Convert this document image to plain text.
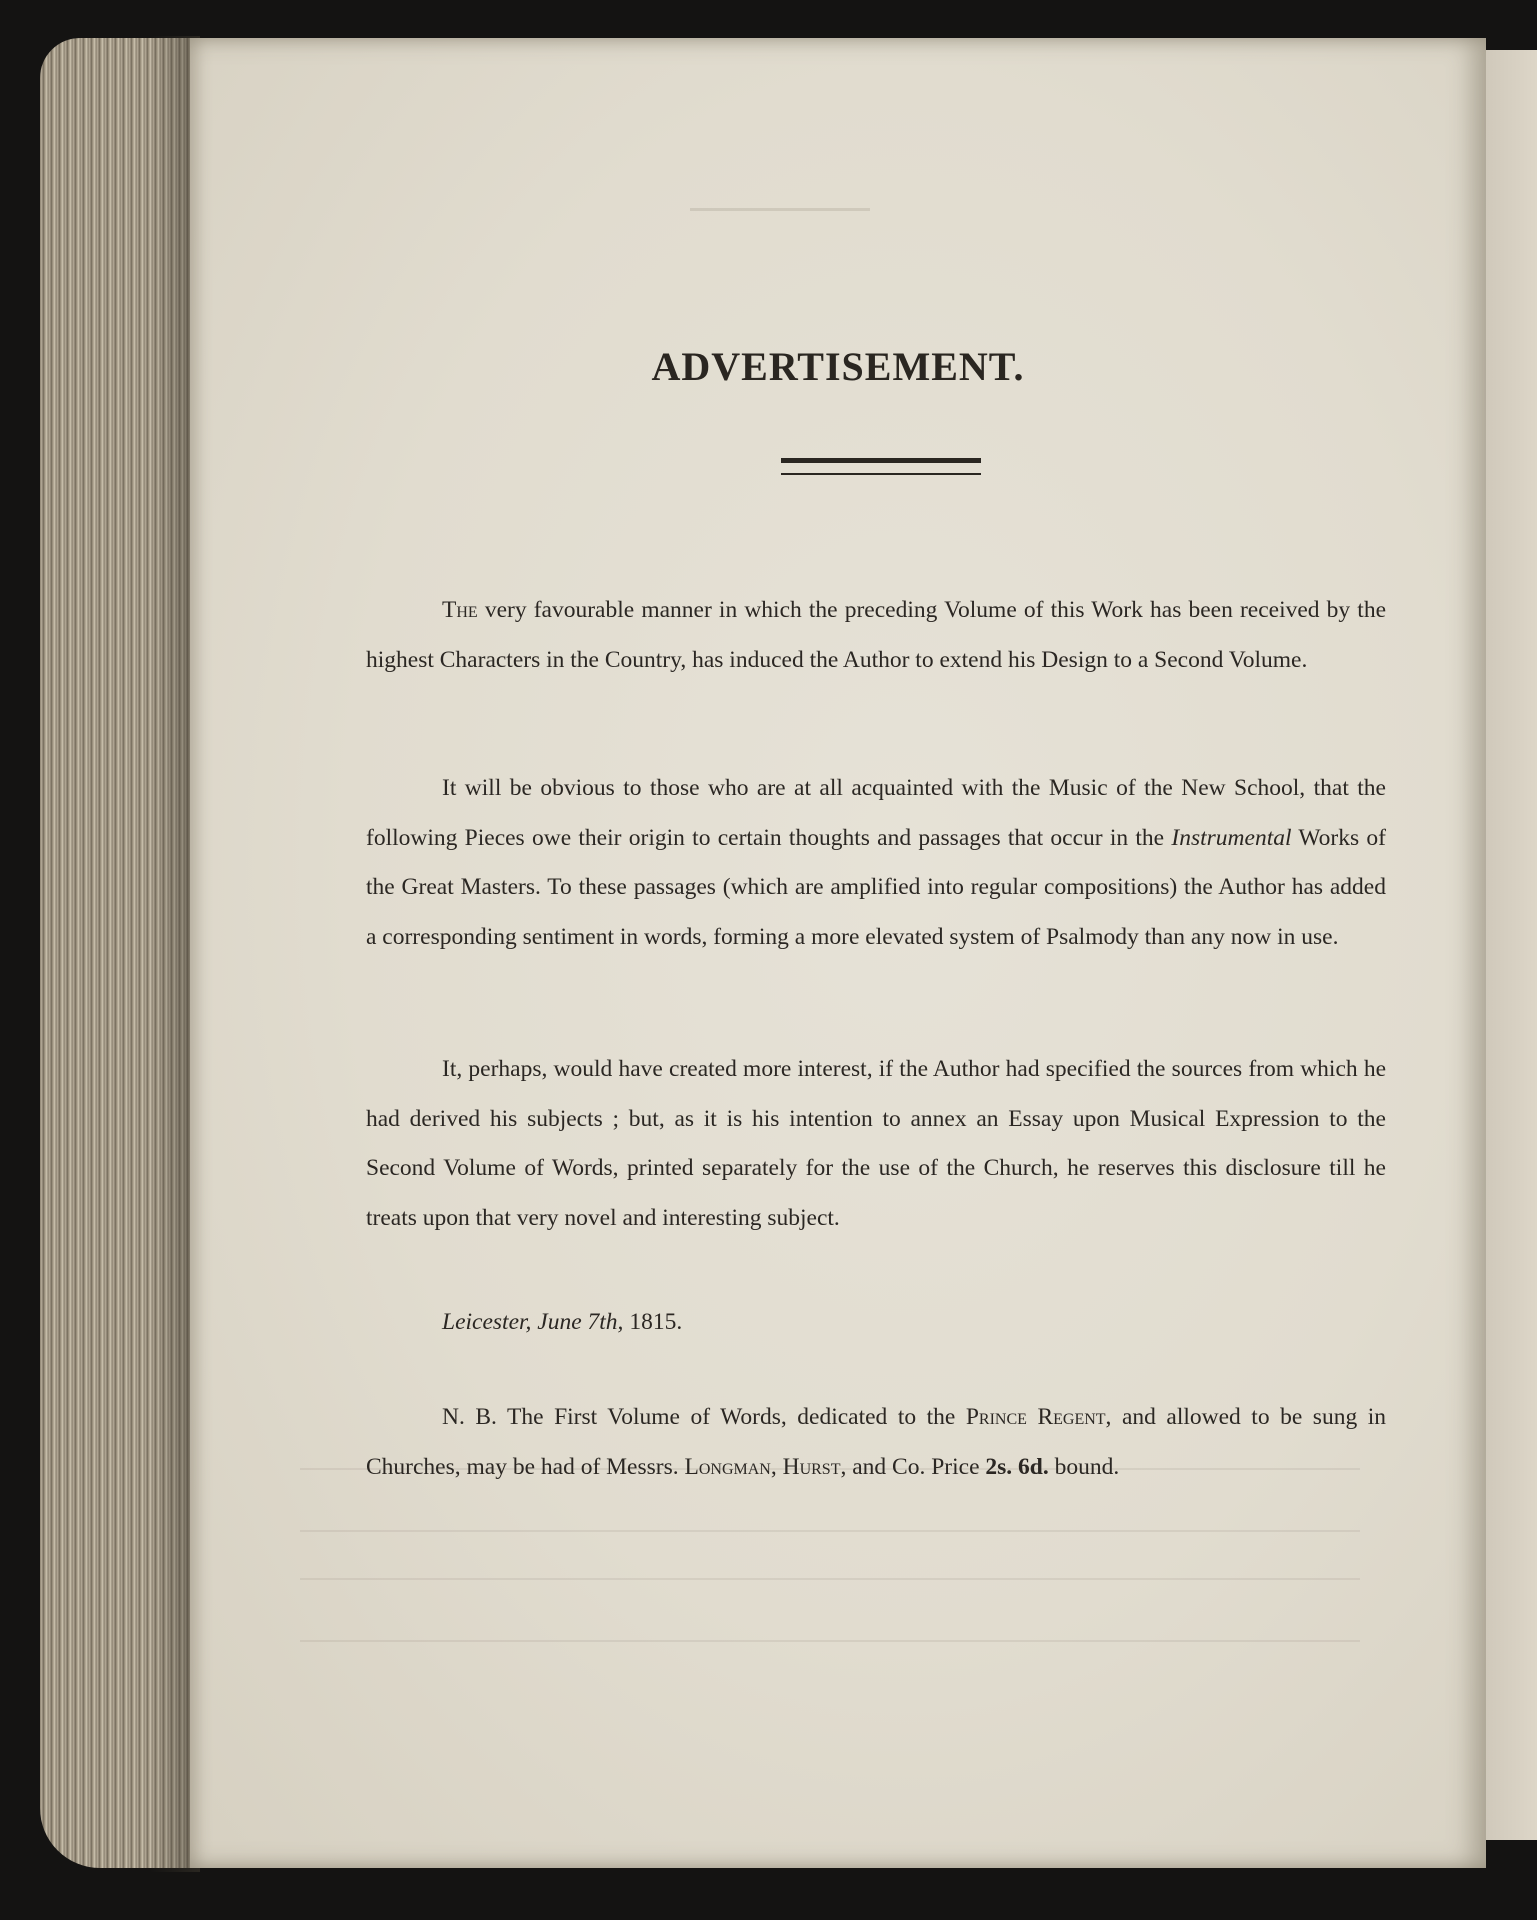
ADVERTISEMENT.

The very favourable manner in which the preceding Volume of this Work has been received by the highest Characters in the Country, has induced the Author to extend his Design to a Second Volume.

It will be obvious to those who are at all acquainted with the Music of the New School, that the following Pieces owe their origin to certain thoughts and passages that occur in the Instrumental Works of the Great Masters. To these passages (which are amplified into regular compositions) the Author has added a corresponding sentiment in words, forming a more elevated system of Psalmody than any now in use.

It, perhaps, would have created more interest, if the Author had specified the sources from which he had derived his subjects ; but, as it is his intention to annex an Essay upon Musical Expression to the Second Volume of Words, printed separately for the use of the Church, he reserves this disclosure till he treats upon that very novel and interesting subject.

Leicester, June 7th, 1815.

N. B. The First Volume of Words, dedicated to the Prince Regent, and allowed to be sung in Churches, may be had of Messrs. Longman, Hurst, and Co. Price 2s. 6d. bound.
